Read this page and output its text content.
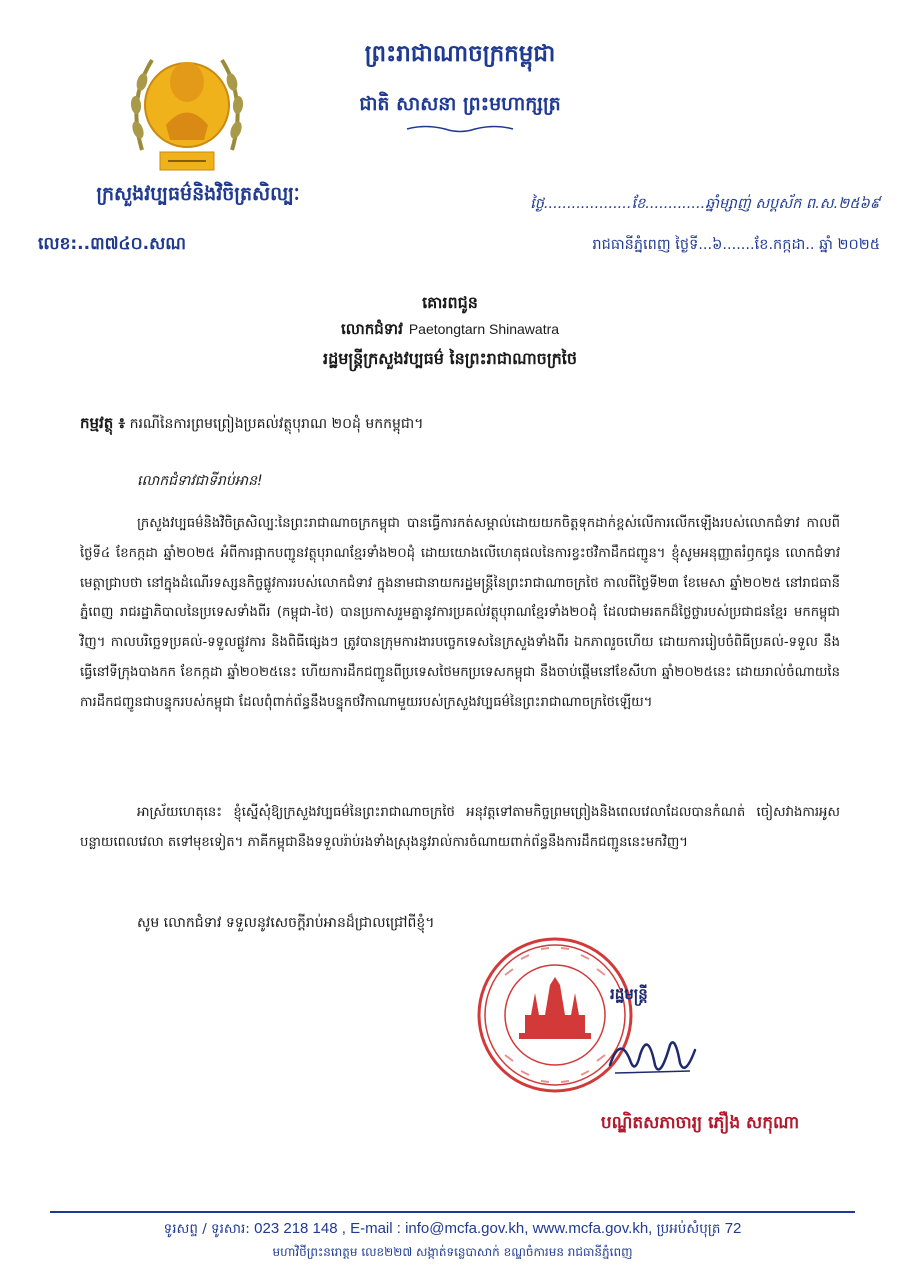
ព្រះរាជាណាចក្រកម្ពុជា
ជាតិ សាសនា ព្រះមហាក្សត្រ
ក្រសួងវប្បធម៌និងវិចិត្រសិល្បៈ
លេខ:..៣៧៤០.សណ
ថ្ងៃ...................ខែ.............ឆ្នាំម្សាញ់ សប្តស័ក ព.ស.២៥៦៩
រាជធានីភ្នំពេញ ថ្ងៃទី...៦.......ខែ.កក្កដា.. ឆ្នាំ ២០២៥
គោរពជូន
លោកជំទាវ Paetongtarn Shinawatra
រដ្ឋមន្ត្រីក្រសួងវប្បធម៌ នៃព្រះរាជាណាចក្រថៃ
កម្មវត្ថុ ៖ ករណីនៃការព្រមព្រៀងប្រគល់វត្ថុបុរាណ ២០ដុំ មកកម្ពុជា។
លោកជំទាវជាទីរាប់អាន!
ក្រសួងវប្បធម៌និងវិចិត្រសិល្បៈនៃព្រះរាជាណាចក្រកម្ពុជា បានធ្វើការកត់សម្គាល់ដោយយកចិត្តទុកដាក់ខ្ពស់លើការលើកឡើងរបស់លោកជំទាវ កាលពីថ្ងៃទី៤ ខែកក្កដា ឆ្នាំ២០២៥ អំពីការផ្អាកបញ្ជូនវត្ថុបុរាណខ្មែរទាំង២០ដុំ ដោយយោងលើហេតុផលនៃការខ្វះថវិកាដឹកជញ្ជូន។ ខ្ញុំសូមអនុញ្ញាតរំឭកជូន លោកជំទាវ មេត្តាជ្រាបថា នៅក្នុងដំណើរទស្សនកិច្ចផ្លូវការរបស់លោកជំទាវ ក្នុងនាមជានាយករដ្ឋមន្ត្រីនៃព្រះរាជាណាចក្រថៃ កាលពីថ្ងៃទី២៣ ខែមេសា ឆ្នាំ២០២៥ នៅរាជធានីភ្នំពេញ រាជរដ្ឋាភិបាលនៃប្រទេសទាំងពីរ (កម្ពុជា-ថៃ) បានប្រកាសរួមគ្នានូវការប្រគល់វត្ថុបុរាណខ្មែរទាំង២០ដុំ ដែលជាមរតកដ៏ថ្លៃថ្លារបស់ប្រជាជនខ្មែរ មកកម្ពុជាវិញ។ កាលបរិច្ឆេទប្រគល់-ទទួលផ្លូវការ និងពិធីផ្សេងៗ ត្រូវបានក្រុមការងារបច្ចេកទេសនៃក្រសួងទាំងពីរ ឯកភាពរួចហើយ ដោយការរៀបចំពិធីប្រគល់-ទទួល នឹងធ្វើនៅទីក្រុងបាងកក ខែកក្កដា ឆ្នាំ២០២៥នេះ ហើយការដឹកជញ្ជូនពីប្រទេសថៃមកប្រទេសកម្ពុជា នឹងចាប់ផ្តើមនៅខែសីហា ឆ្នាំ២០២៥នេះ ដោយរាល់ចំណាយនៃការដឹកជញ្ជូនជាបន្ទុករបស់កម្ពុជា ដែលពុំពាក់ព័ន្ធនឹងបន្ទុកថវិកាណាមួយរបស់ក្រសួងវប្បធម៌នៃព្រះរាជាណាចក្រថៃឡើយ។
អាស្រ័យហេតុនេះ ខ្ញុំស្នើសុំឱ្យក្រសួងវប្បធម៌នៃព្រះរាជាណាចក្រថៃ អនុវត្តទៅតាមកិច្ចព្រមព្រៀងនិងពេលវេលាដែលបានកំណត់ ចៀសវាងការអូសបន្លាយពេលវេលា តទៅមុខទៀត។ ភាគីកម្ពុជានឹងទទួលរ៉ាប់រងទាំងស្រុងនូវរាល់ការចំណាយពាក់ព័ន្ធនឹងការដឹកជញ្ជូននេះមកវិញ។
សូម លោកជំទាវ ទទួលនូវសេចក្តីរាប់អានដ៏ជ្រាលជ្រៅពីខ្ញុំ។
រដ្ឋមន្ត្រី
បណ្ឌិតសភាចារ្យ ភឿង សកុណា
ទូរសព្ទ / ទូរសារ: 023 218 148 , E-mail : info@mcfa.gov.kh, www.mcfa.gov.kh, ប្រអប់សំបុត្រ 72
មហាវិថីព្រះនរោត្តម លេខ២២៧ សង្កាត់ទន្លេបាសាក់ ខណ្ឌចំការមន រាជធានីភ្នំពេញ
